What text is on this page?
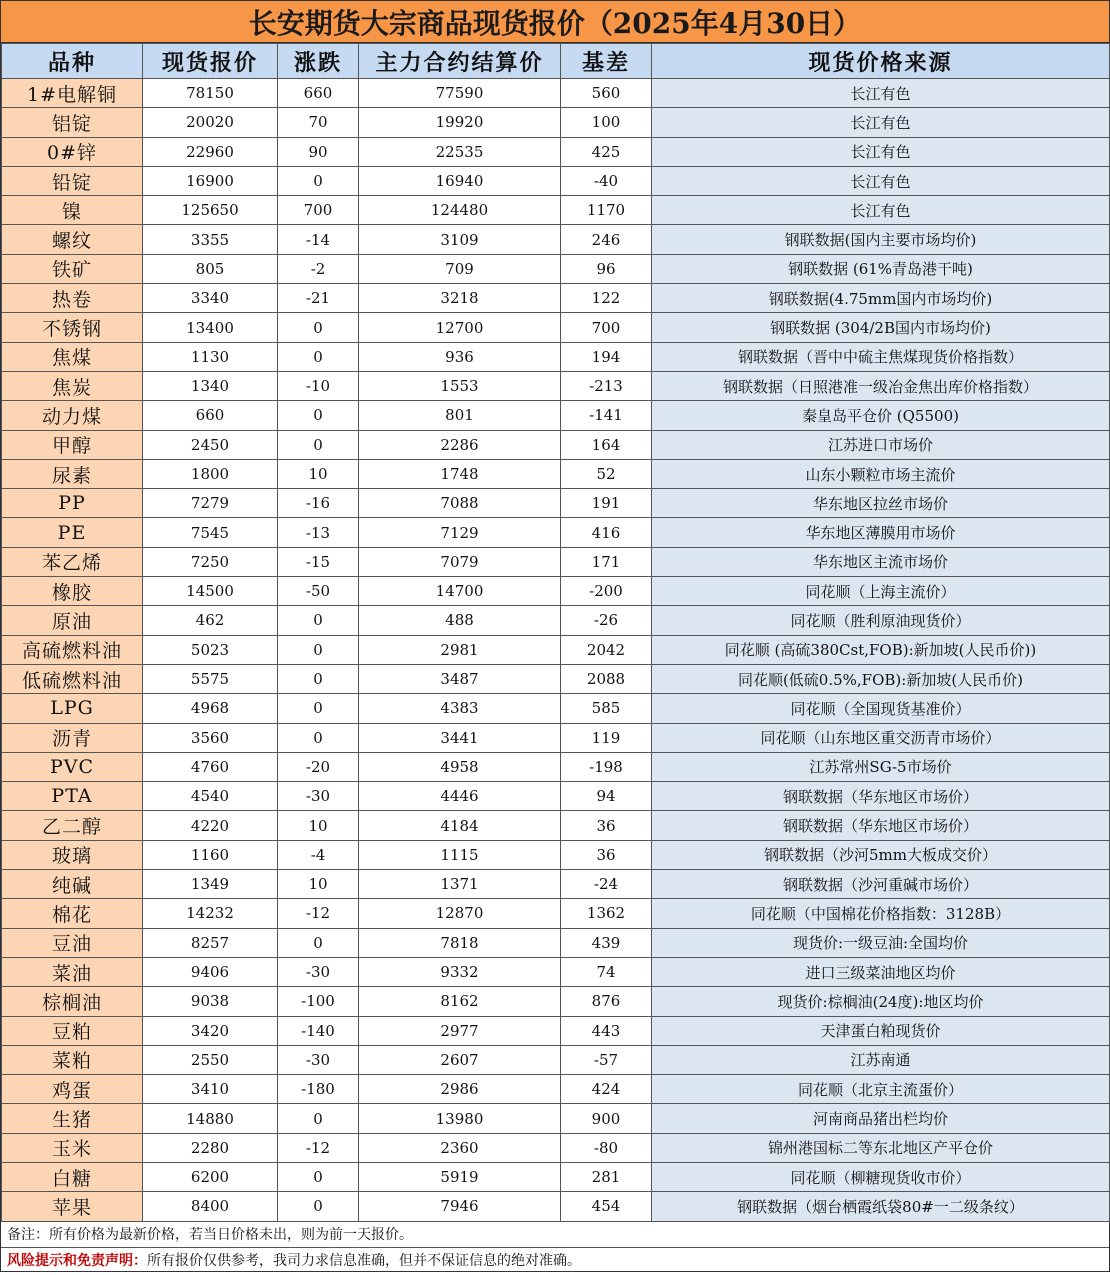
长安期货大宗商品现货报价（2025年4月30日）
品种	现货报价	涨跌	主力合约结算价	基差	现货价格来源
1#电解铜	78150	660	77590	560	长江有色
铝锭	20020	70	19920	100	长江有色
0#锌	22960	90	22535	425	长江有色
铅锭	16900	0	16940	-40	长江有色
镍	125650	700	124480	1170	长江有色
螺纹	3355	-14	3109	246	钢联数据(国内主要市场均价)
铁矿	805	-2	709	96	钢联数据 (61%青岛港干吨)
热卷	3340	-21	3218	122	钢联数据(4.75mm国内市场均价)
不锈钢	13400	0	12700	700	钢联数据 (304/2B国内市场均价)
焦煤	1130	0	936	194	钢联数据（晋中中硫主焦煤现货价格指数）
焦炭	1340	-10	1553	-213	钢联数据（日照港准一级冶金焦出库价格指数）
动力煤	660	0	801	-141	秦皇岛平仓价 (Q5500)
甲醇	2450	0	2286	164	江苏进口市场价
尿素	1800	10	1748	52	山东小颗粒市场主流价
PP	7279	-16	7088	191	华东地区拉丝市场价
PE	7545	-13	7129	416	华东地区薄膜用市场价
苯乙烯	7250	-15	7079	171	华东地区主流市场价
橡胶	14500	-50	14700	-200	同花顺（上海主流价）
原油	462	0	488	-26	同花顺（胜利原油现货价）
高硫燃料油	5023	0	2981	2042	同花顺 (高硫380Cst,FOB):新加坡(人民币价))
低硫燃料油	5575	0	3487	2088	同花顺(低硫0.5%,FOB):新加坡(人民币价)
LPG	4968	0	4383	585	同花顺（全国现货基准价）
沥青	3560	0	3441	119	同花顺（山东地区重交沥青市场价）
PVC	4760	-20	4958	-198	江苏常州SG-5市场价
PTA	4540	-30	4446	94	钢联数据（华东地区市场价）
乙二醇	4220	10	4184	36	钢联数据（华东地区市场价）
玻璃	1160	-4	1115	36	钢联数据（沙河5mm大板成交价）
纯碱	1349	10	1371	-24	钢联数据（沙河重碱市场价）
棉花	14232	-12	12870	1362	同花顺（中国棉花价格指数：3128B）
豆油	8257	0	7818	439	现货价:一级豆油:全国均价
菜油	9406	-30	9332	74	进口三级菜油地区均价
棕榈油	9038	-100	8162	876	现货价:棕榈油(24度):地区均价
豆粕	3420	-140	2977	443	天津蛋白粕现货价
菜粕	2550	-30	2607	-57	江苏南通
鸡蛋	3410	-180	2986	424	同花顺（北京主流蛋价）
生猪	14880	0	13980	900	河南商品猪出栏均价
玉米	2280	-12	2360	-80	锦州港国标二等东北地区产平仓价
白糖	6200	0	5919	281	同花顺（柳糖现货收市价）
苹果	8400	0	7946	454	钢联数据（烟台栖霞纸袋80#一二级条纹）
备注：所有价格为最新价格，若当日价格未出，则为前一天报价。
风险提示和免责声明：所有报价仅供参考，我司力求信息准确，但并不保证信息的绝对准确。
